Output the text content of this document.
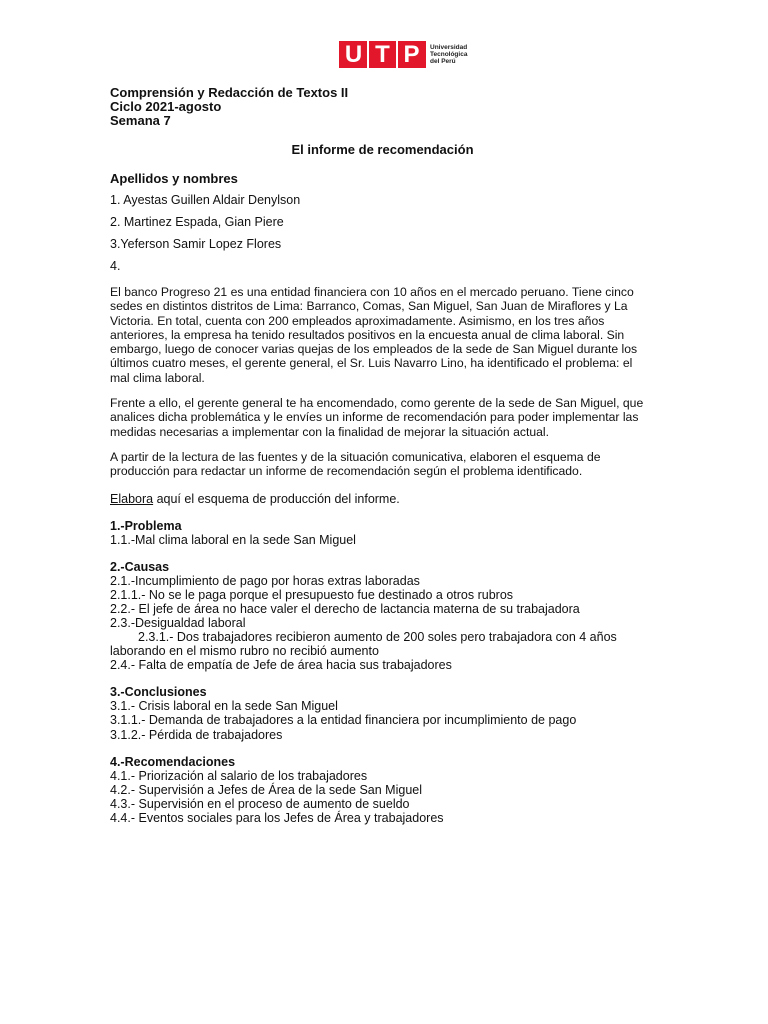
U T P	Universidad
Tecnológica
del Perú
Comprensión y Redacción de Textos II
Ciclo 2021-agosto
Semana 7
El informe de recomendación
Apellidos y nombres
1. Ayestas Guillen Aldair Denylson
2. Martinez Espada, Gian Piere
3.Yeferson Samir Lopez Flores
4.
El banco Progreso 21 es una entidad financiera con 10 años en el mercado peruano. Tiene cinco sedes en distintos distritos de Lima: Barranco, Comas, San Miguel, San Juan de Miraflores y La Victoria. En total, cuenta con 200 empleados aproximadamente. Asimismo, en los tres años anteriores, la empresa ha tenido resultados positivos en la encuesta anual de clima laboral. Sin embargo, luego de conocer varias quejas de los empleados de la sede de San Miguel durante los últimos cuatro meses, el gerente general, el Sr. Luis Navarro Lino, ha identificado el problema: el mal clima laboral.
Frente a ello, el gerente general te ha encomendado, como gerente de la sede de San Miguel, que analices dicha problemática y le envíes un informe de recomendación para poder implementar las medidas necesarias a implementar con la finalidad de mejorar la situación actual.
A partir de la lectura de las fuentes y de la situación comunicativa, elaboren el esquema de producción para redactar un informe de recomendación según el problema identificado.
Elabora aquí el esquema de producción del informe.
1.-Problema
1.1.-Mal clima laboral en la sede San Miguel
2.-Causas
2.1.-Incumplimiento de pago por horas extras laboradas
2.1.1.- No se le paga porque el presupuesto fue destinado a otros rubros
2.2.- El jefe de área no hace valer el derecho de lactancia materna de su trabajadora
2.3.-Desigualdad laboral
2.3.1.- Dos trabajadores recibieron aumento de 200 soles pero trabajadora con 4 años
laborando en el mismo rubro no recibió aumento
2.4.- Falta de empatía de Jefe de área hacia sus trabajadores
3.-Conclusiones
3.1.- Crisis laboral en la sede San Miguel
3.1.1.- Demanda de trabajadores a la entidad financiera por incumplimiento de pago
3.1.2.- Pérdida de trabajadores
4.-Recomendaciones
4.1.- Priorización al salario de los trabajadores
4.2.- Supervisión a Jefes de Área de la sede San Miguel
4.3.- Supervisión en el proceso de aumento de sueldo
4.4.- Eventos sociales para los Jefes de Área y trabajadores
